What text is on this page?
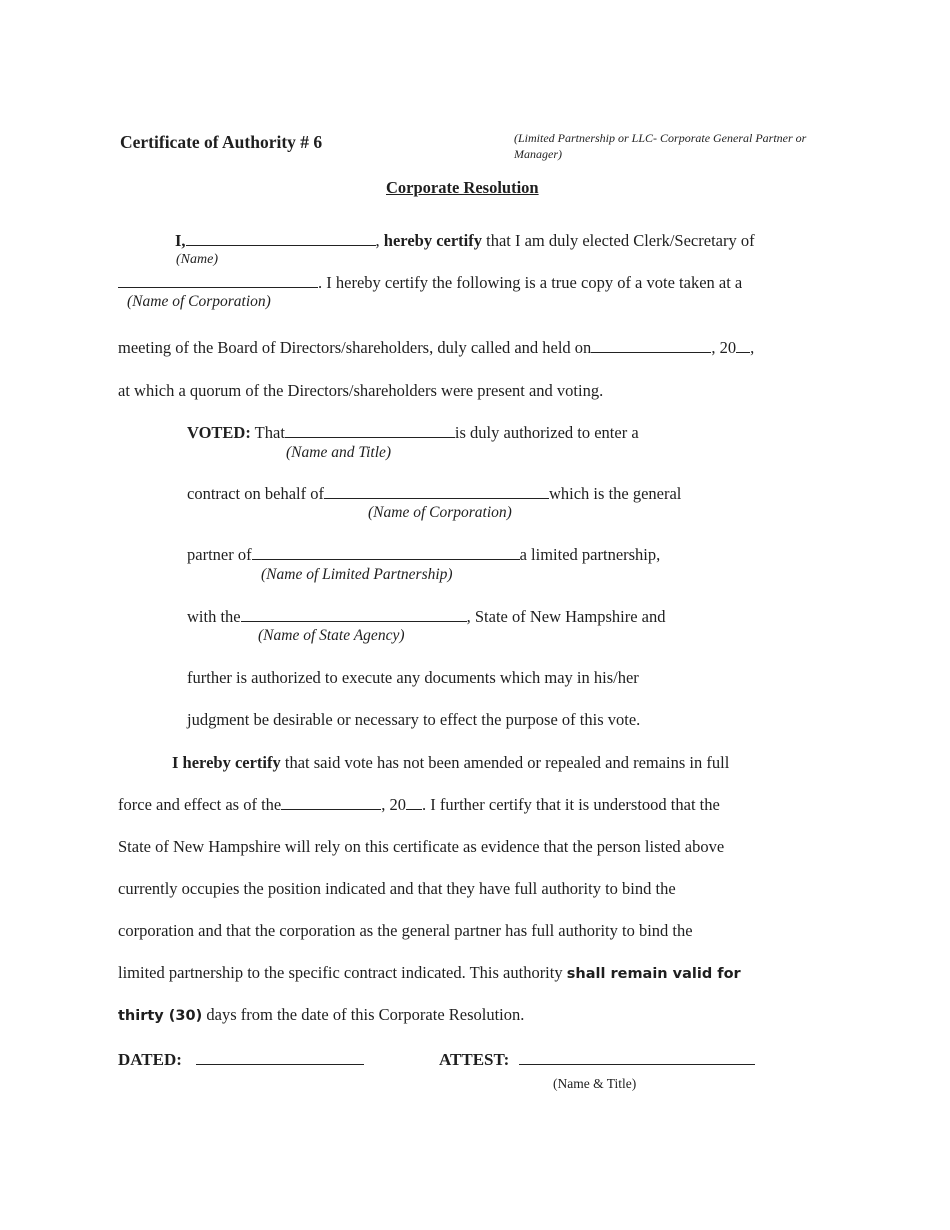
Certificate of Authority # 6	(Limited Partnership or LLC- Corporate General Partner or Manager)
Corporate Resolution
I,	, hereby certify that I am duly elected Clerk/Secretary of
(Name)
. I hereby certify the following is a true copy of a vote taken at a
(Name of Corporation)
meeting of the Board of Directors/shareholders, duly called and held on	, 20 ,
at which a quorum of the Directors/shareholders were present and voting.
VOTED: That	is duly authorized to enter a
(Name and Title)
contract on behalf of	which is the general
(Name of Corporation)
partner of	a limited partnership,
(Name of Limited Partnership)
with the	, State of New Hampshire and
(Name of State Agency)
further is authorized to execute any documents which may in his/her
judgment be desirable or necessary to effect the purpose of this vote.
I hereby certify that said vote has not been amended or repealed and remains in full
force and effect as of the	, 20 . I further certify that it is understood that the
State of New Hampshire will rely on this certificate as evidence that the person listed above
currently occupies the position indicated and that they have full authority to bind the
corporation and that the corporation as the general partner has full authority to bind the
limited partnership to the specific contract indicated. This authority shall remain valid for
thirty (30) days from the date of this Corporate Resolution.
DATED:	ATTEST:
(Name & Title)
